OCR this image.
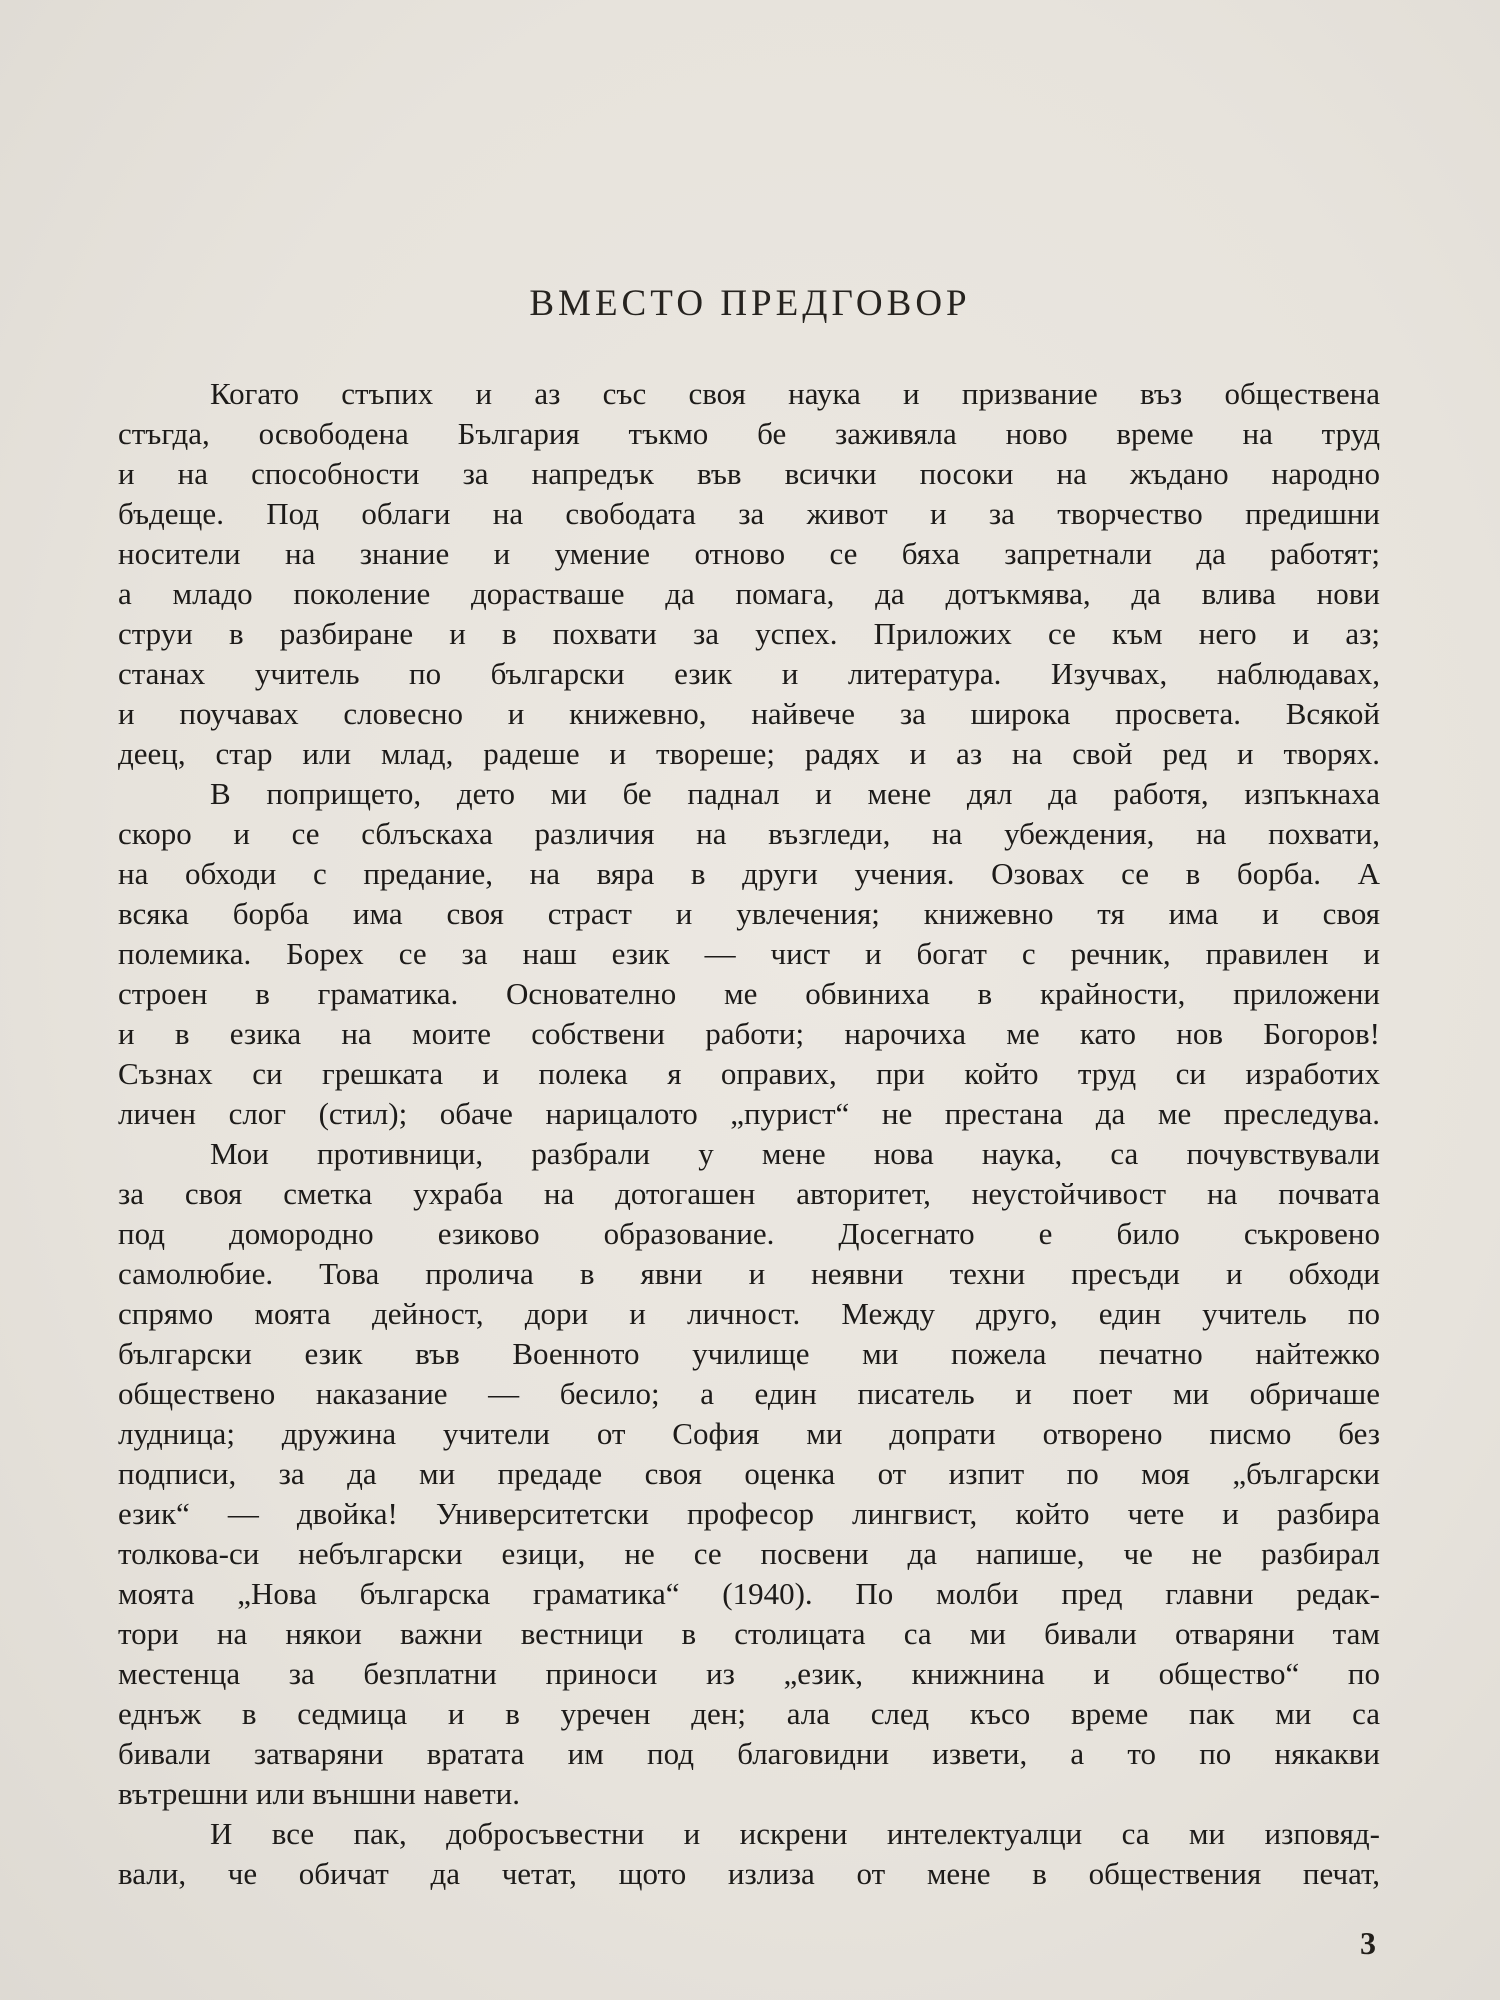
ВМЕСТО ПРЕДГОВОР
Когато стъпих и аз със своя наука и призвание въз обществена
стъгда, освободена България тъкмо бе заживяла ново време на труд
и на способности за напредък във всички посоки на жъдано народно
бъдеще. Под облаги на свободата за живот и за творчество предишни
носители на знание и умение отново се бяха запретнали да работят;
а младо поколение дорастваше да помага, да дотъкмява, да влива нови
струи в разбиране и в похвати за успех. Приложих се към него и аз;
станах учитель по български език и литература. Изучвах, наблюдавах,
и поучавах словесно и книжевно, найвече за широка просвета. Всякой
деец, стар или млад, радеше и твореше; радях и аз на свой ред и творях.
В попрището, дето ми бе паднал и мене дял да работя, изпъкнаха
скоро и се сблъскаха различия на възгледи, на убеждения, на похвати,
на обходи с предание, на вяра в други учения. Озовах се в борба. А
всяка борба има своя страст и увлечения; книжевно тя има и своя
полемика. Борех се за наш език — чист и богат с речник, правилен и
строен в граматика. Основателно ме обвиниха в крайности, приложени
и в езика на моите собствени работи; нарочиха ме като нов Богоров!
Съзнах си грешката и полека я оправих, при който труд си изработих
личен слог (стил); обаче нарицалото „пурист“ не престана да ме преследува.
Мои противници, разбрали у мене нова наука, са почувствували
за своя сметка ухраба на дотогашен авторитет, неустойчивост на почвата
под доморoдно езиково образование. Досегнато е било съкровено
самолюбие. Това пролича в явни и неявни техни пресъди и обходи
спрямо моята дейност, дори и личност. Между друго, един учитель по
български език във Военното училище ми пожела печатно найтежко
обществено наказание — бесило; а един писатель и поет ми обричаше
лудница; дружина учители от София ми допрати отворено писмо без
подписи, за да ми предаде своя оценка от изпит по моя „български
език“ — двойка! Университетски професор лингвист, който чете и разбира
толкова-си небългарски езици, не се посвени да напише, че не разбирал
моята „Нова българска граматика“ (1940). По молби пред главни редак-
тори на някои важни вестници в столицата са ми бивали отваряни там
местенца за безплатни приноси из „език, книжнина и общество“ по
еднъж в седмица и в уречен ден; ала след късо време пак ми са
бивали затваряни вратата им под благовидни извети, а то по някакви
вътрешни или външни навети.
И все пак, добросъвестни и искрени интелектуалци са ми изповяд-
вали, че обичат да четат, щото излиза от мене в обществения печат,
3
